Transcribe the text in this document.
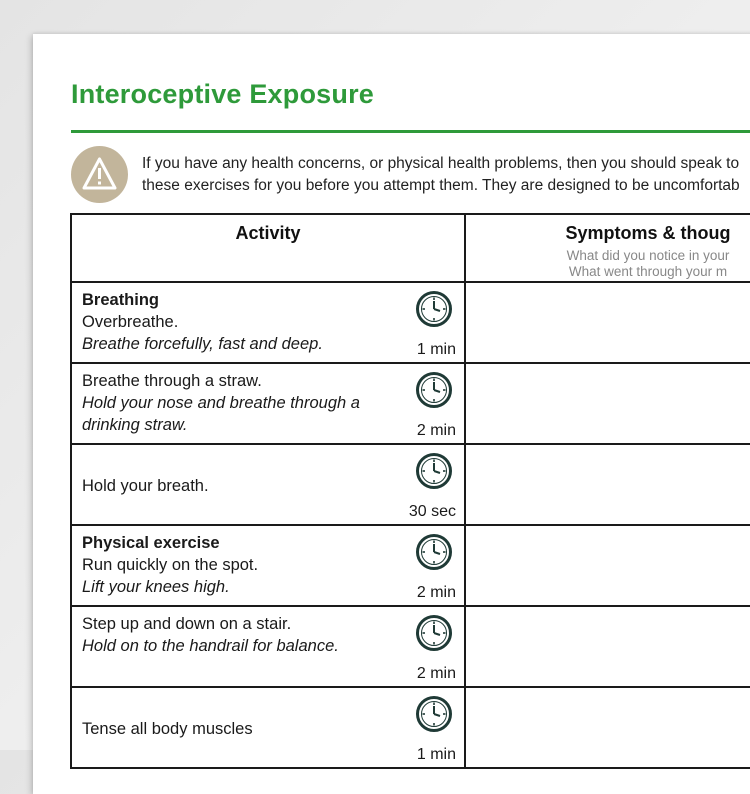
Interoceptive Exposure
If you have any health concerns, or physical health problems, then you should speak to
these exercises for you before you attempt them. They are designed to be uncomfortab
Activity	Symptoms & thoug
What did you notice in your
What went through your m

Breathing
Overbreathe.
Breathe forcefully, fast and deep. 1 min	

Breathe through a straw.
Hold your nose and breathe through a
drinking straw. 2 min	

Hold your breath.
30 sec	

Physical exercise
Run quickly on the spot.
Lift your knees high. 2 min	

Step up and down on a stair.
Hold on to the handrail for balance.
2 min	

Tense all body muscles
1 min	
